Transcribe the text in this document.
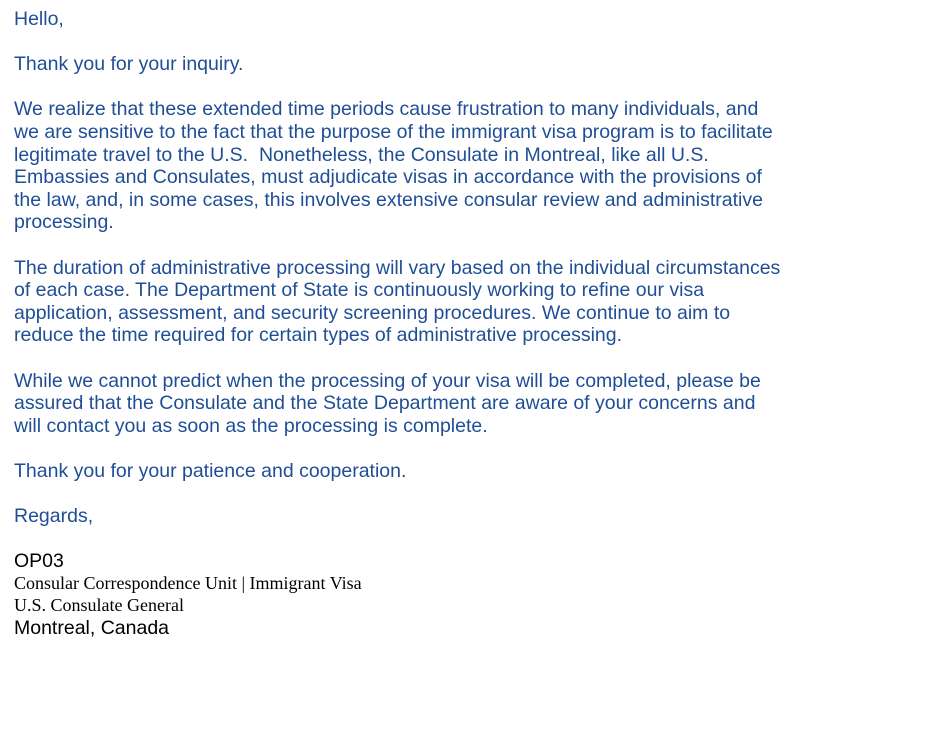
Hello,

Thank you for your inquiry.

We realize that these extended time periods cause frustration to many individuals, and

we are sensitive to the fact that the purpose of the immigrant visa program is to facilitate

legitimate travel to the U.S.  Nonetheless, the Consulate in Montreal, like all U.S.

Embassies and Consulates, must adjudicate visas in accordance with the provisions of

the law, and, in some cases, this involves extensive consular review and administrative

processing.

The duration of administrative processing will vary based on the individual circumstances

of each case. The Department of State is continuously working to refine our visa

application, assessment, and security screening procedures. We continue to aim to

reduce the time required for certain types of administrative processing.

While we cannot predict when the processing of your visa will be completed, please be

assured that the Consulate and the State Department are aware of your concerns and

will contact you as soon as the processing is complete.

Thank you for your patience and cooperation.

Regards,

OP03

Consular Correspondence Unit | Immigrant Visa

U.S. Consulate General

Montreal, Canada
